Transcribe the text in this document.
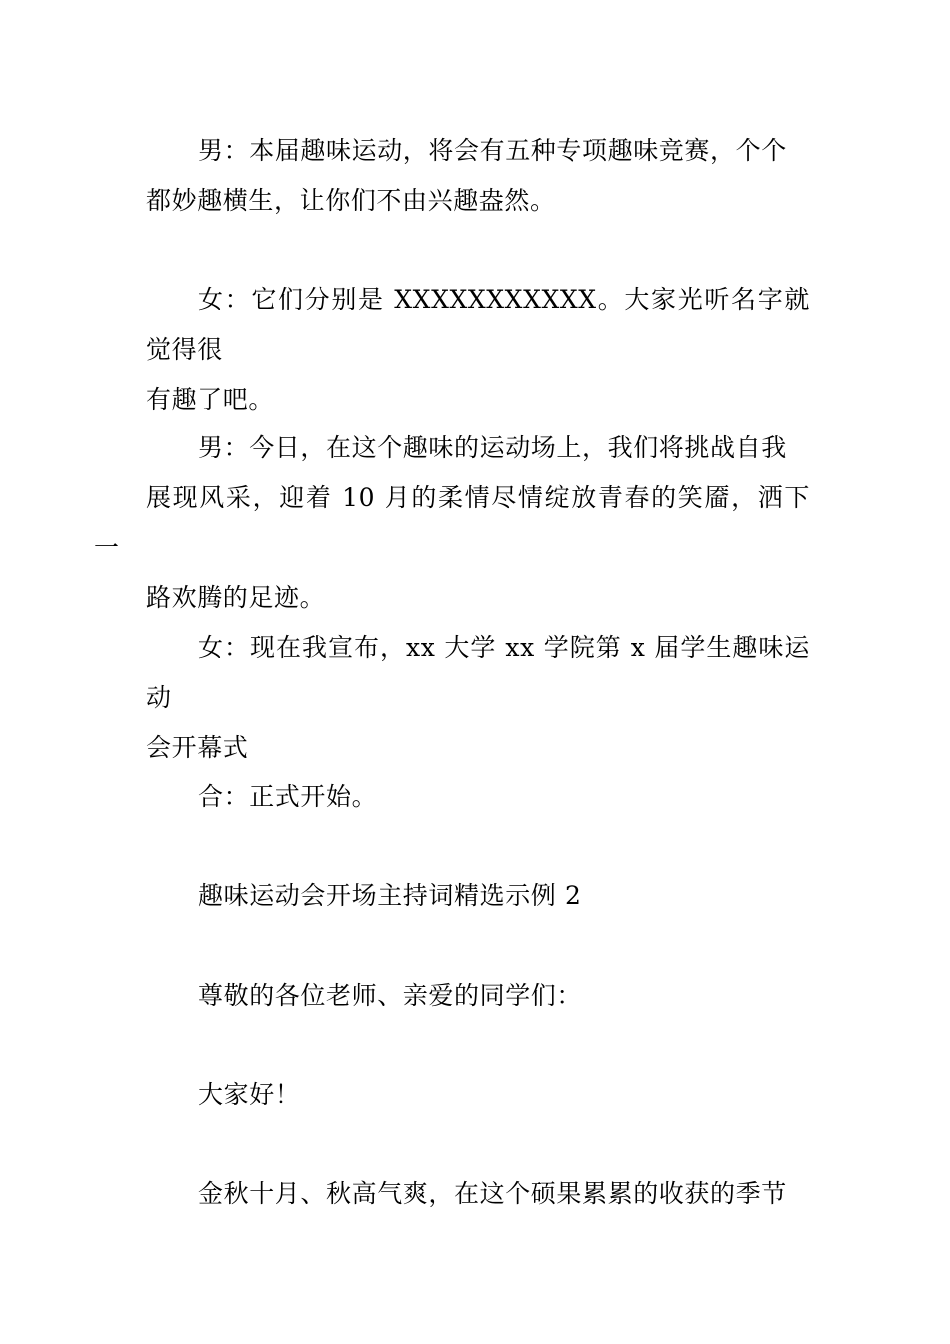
男：本届趣味运动，将会有五种专项趣味竞赛，个个
都妙趣横生，让你们不由兴趣盎然。

女：它们分别是 XXXXXXXXXXX。大家光听名字就觉得很
有趣了吧。

男：今日，在这个趣味的运动场上，我们将挑战自我
展现风采，迎着 10 月的柔情尽情绽放青春的笑靥，洒下一
路欢腾的足迹。

女：现在我宣布，xx 大学 xx 学院第 x 届学生趣味运动
会开幕式

合：正式开始。

趣味运动会开场主持词精选示例 2

尊敬的各位老师、亲爱的同学们：

大家好！

金秋十月、秋高气爽，在这个硕果累累的收获的季节
